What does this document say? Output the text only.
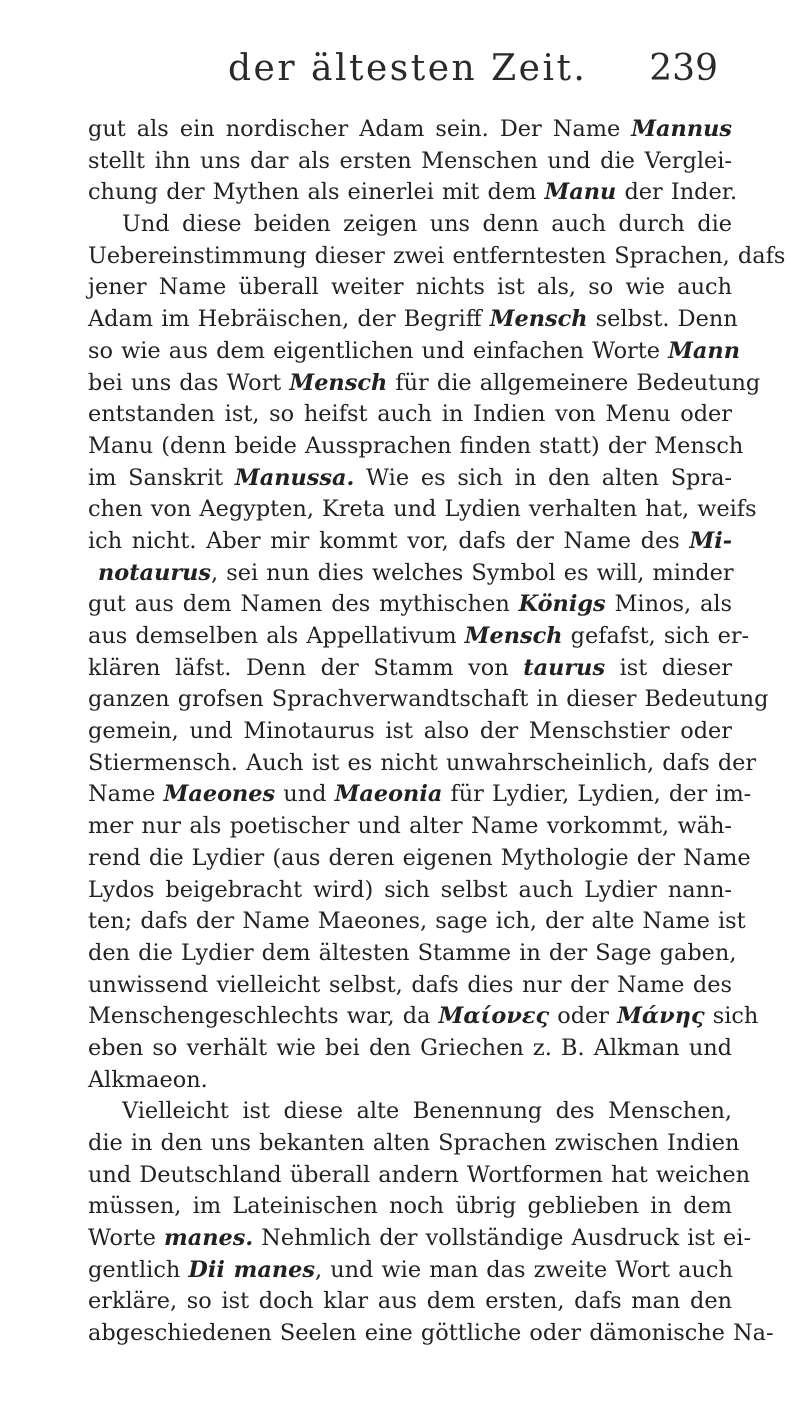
der ältesten Zeit. 239
gut als ein nordischer Adam sein. Der Name Mannus
stellt ihn uns dar als ersten Menschen und die Verglei-
chung der Mythen als einerlei mit dem Manu der Inder.
Und diese beiden zeigen uns denn auch durch die
Uebereinstimmung dieser zwei entferntesten Sprachen, dafs
jener Name überall weiter nichts ist als, so wie auch
Adam im Hebräischen, der Begriff Mensch selbst. Denn
so wie aus dem eigentlichen und einfachen Worte Mann
bei uns das Wort Mensch für die allgemeinere Bedeutung
entstanden ist, so heifst auch in Indien von Menu oder
Manu (denn beide Aussprachen finden statt) der Mensch
im Sanskrit Manussa. Wie es sich in den alten Spra-
chen von Aegypten, Kreta und Lydien verhalten hat, weifs
ich nicht. Aber mir kommt vor, dafs der Name des Mi-
notaurus, sei nun dies welches Symbol es will, minder
gut aus dem Namen des mythischen Königs Minos, als
aus demselben als Appellativum Mensch gefafst, sich er-
klären läfst. Denn der Stamm von taurus ist dieser
ganzen grofsen Sprachverwandtschaft in dieser Bedeutung
gemein, und Minotaurus ist also der Menschstier oder
Stiermensch. Auch ist es nicht unwahrscheinlich, dafs der
Name Maeones und Maeonia für Lydier, Lydien, der im-
mer nur als poetischer und alter Name vorkommt, wäh-
rend die Lydier (aus deren eigenen Mythologie der Name
Lydos beigebracht wird) sich selbst auch Lydier nann-
ten; dafs der Name Maeones, sage ich, der alte Name ist
den die Lydier dem ältesten Stamme in der Sage gaben,
unwissend vielleicht selbst, dafs dies nur der Name des
Menschengeschlechts war, da Μαίονες oder Μάνης sich
eben so verhält wie bei den Griechen z. B. Alkman und
Alkmaeon.
Vielleicht ist diese alte Benennung des Menschen,
die in den uns bekanten alten Sprachen zwischen Indien
und Deutschland überall andern Wortformen hat weichen
müssen, im Lateinischen noch übrig geblieben in dem
Worte manes. Nehmlich der vollständige Ausdruck ist ei-
gentlich Dii manes, und wie man das zweite Wort auch
erkläre, so ist doch klar aus dem ersten, dafs man den
abgeschiedenen Seelen eine göttliche oder dämonische Na-
